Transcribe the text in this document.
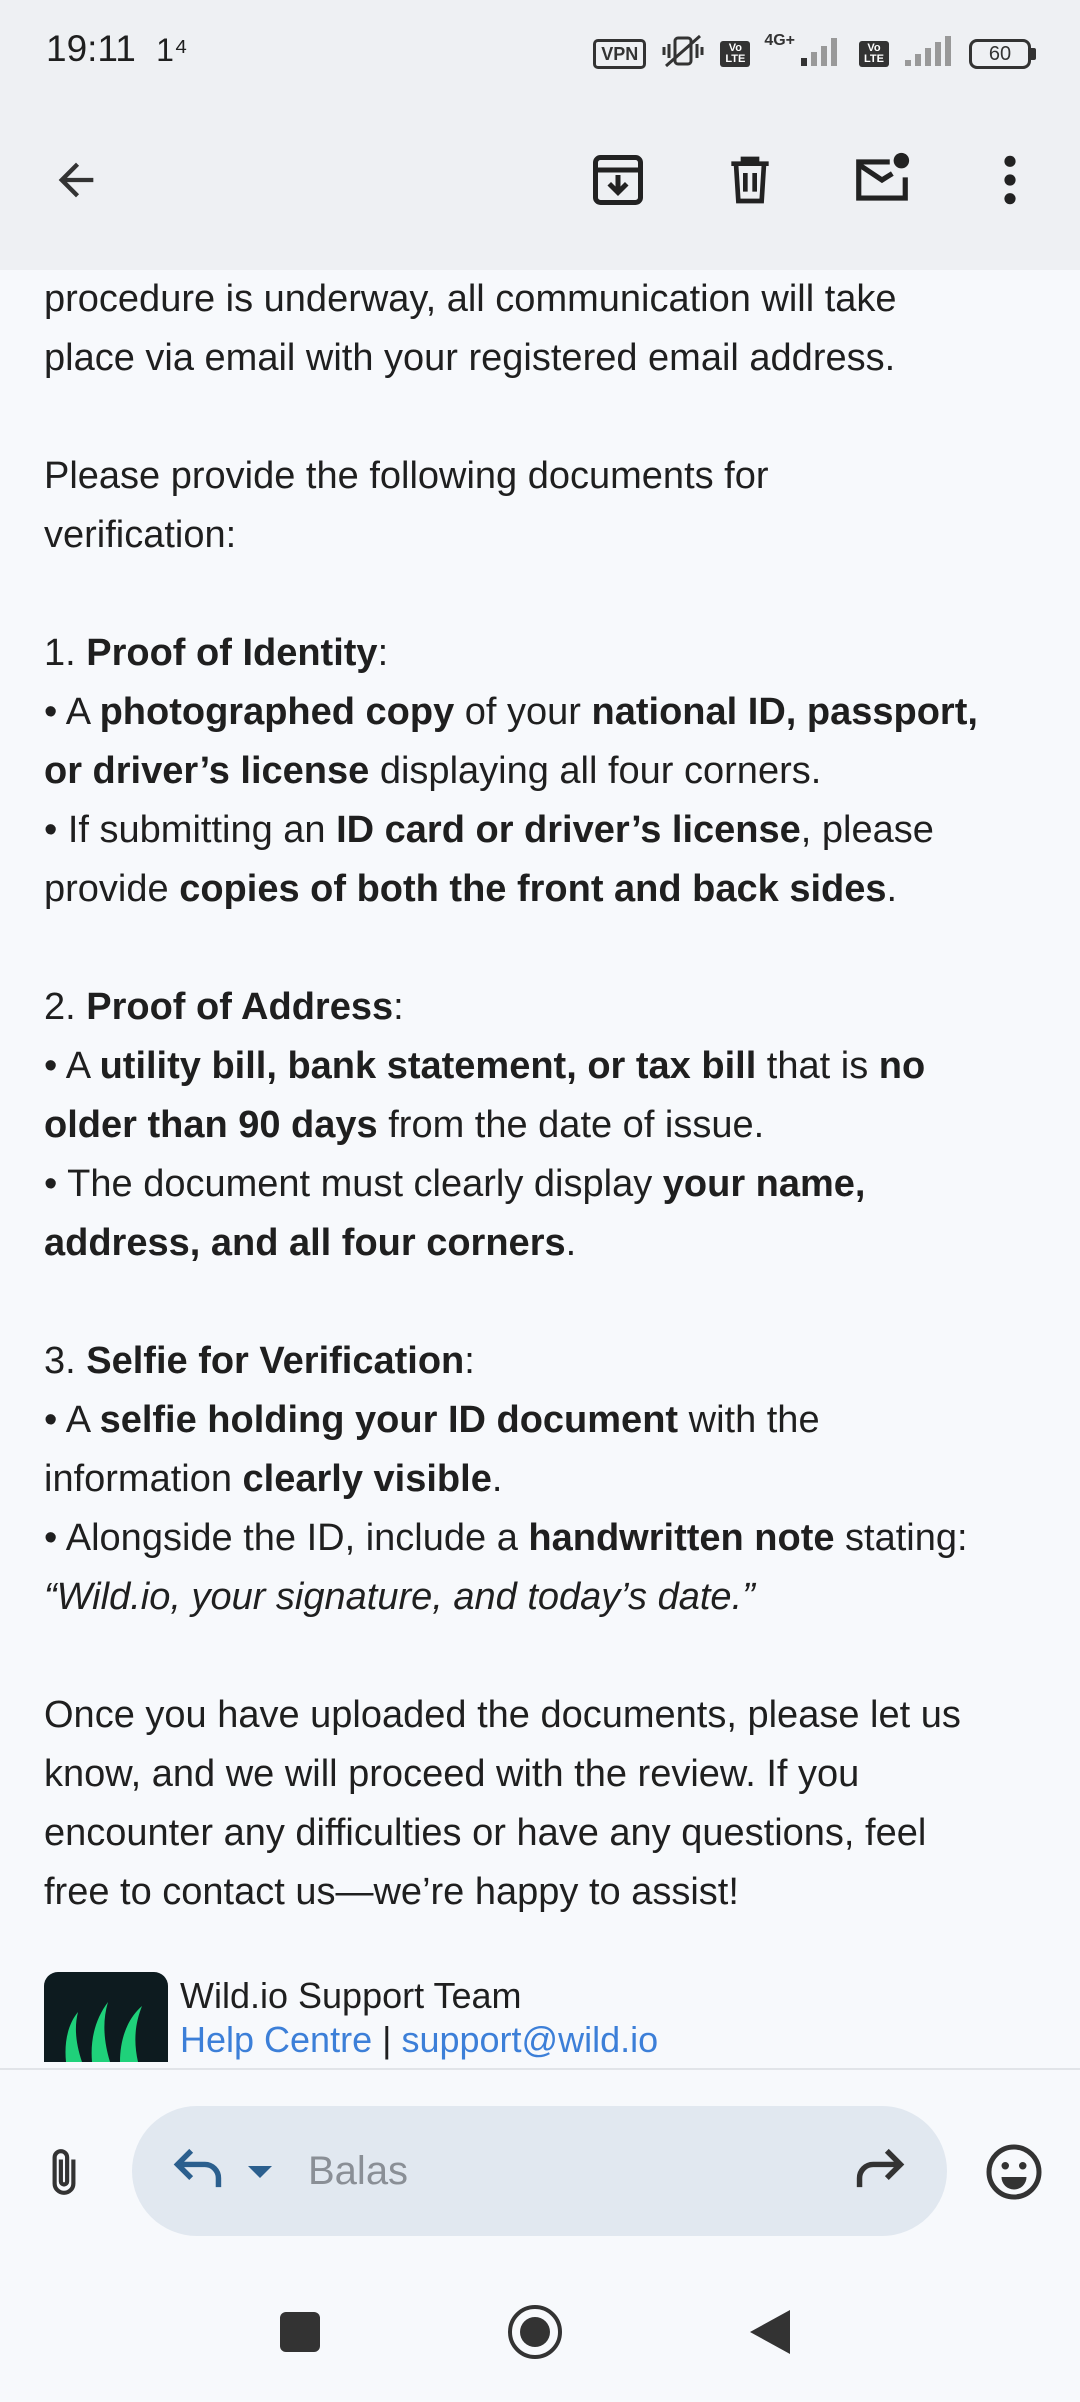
19:11 1⁴	VPN	Vo LTE
4G+	Vo LTE	60

procedure is underway, all communication will take

place via email with your registered email address.

Please provide the following documents for

verification:

1. Proof of Identity:

• A photographed copy of your national ID, passport,

or driver’s license displaying all four corners.

• If submitting an ID card or driver’s license, please

provide copies of both the front and back sides.

2. Proof of Address:

• A utility bill, bank statement, or tax bill that is no

older than 90 days from the date of issue.

• The document must clearly display your name,

address, and all four corners.

3. Selfie for Verification:

• A selfie holding your ID document with the

information clearly visible.

• Alongside the ID, include a handwritten note stating:

“Wild.io, your signature, and today’s date.”

Once you have uploaded the documents, please let us

know, and we will proceed with the review. If you

encounter any difficulties or have any questions, feel

free to contact us—we’re happy to assist!

Wild.io Support Team
Help Centre | support@wild.io
Balas
